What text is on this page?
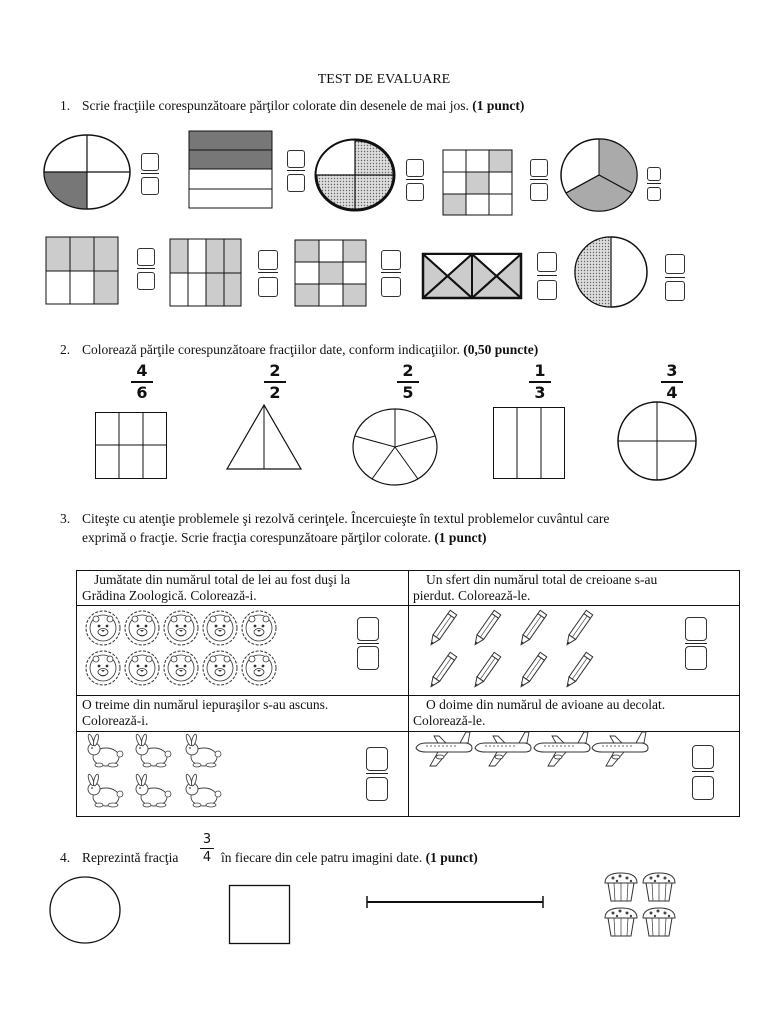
TEST DE EVALUARE
1. Scrie fracţiile corespunzătoare părţilor colorate din desenele de mai jos. (1 punct)
2. Colorează părţile corespunzătoare fracţiilor date, conform indicaţiilor. (0,50 puncte)
4
6
2
2
2
5
1
3
3
4
3. Citeşte cu atenţie problemele şi rezolvă cerinţele. Încercuieşte în textul problemelor cuvântul care
exprimă o fracţie. Scrie fracţia corespunzătoare părţilor colorate. (1 punct)
Jumătate din numărul total de lei au fost duşi la
Grădina Zoologică. Colorează-i.
Un sfert din numărul total de creioane s-au
pierdut. Colorează-le.
O treime din numărul iepuraşilor s-au ascuns.
Colorează-i.
O doime din numărul de avioane au decolat.
Colorează-le.
4. Reprezintă fracţia
3
4 în fiecare din cele patru imagini date. (1 punct)
